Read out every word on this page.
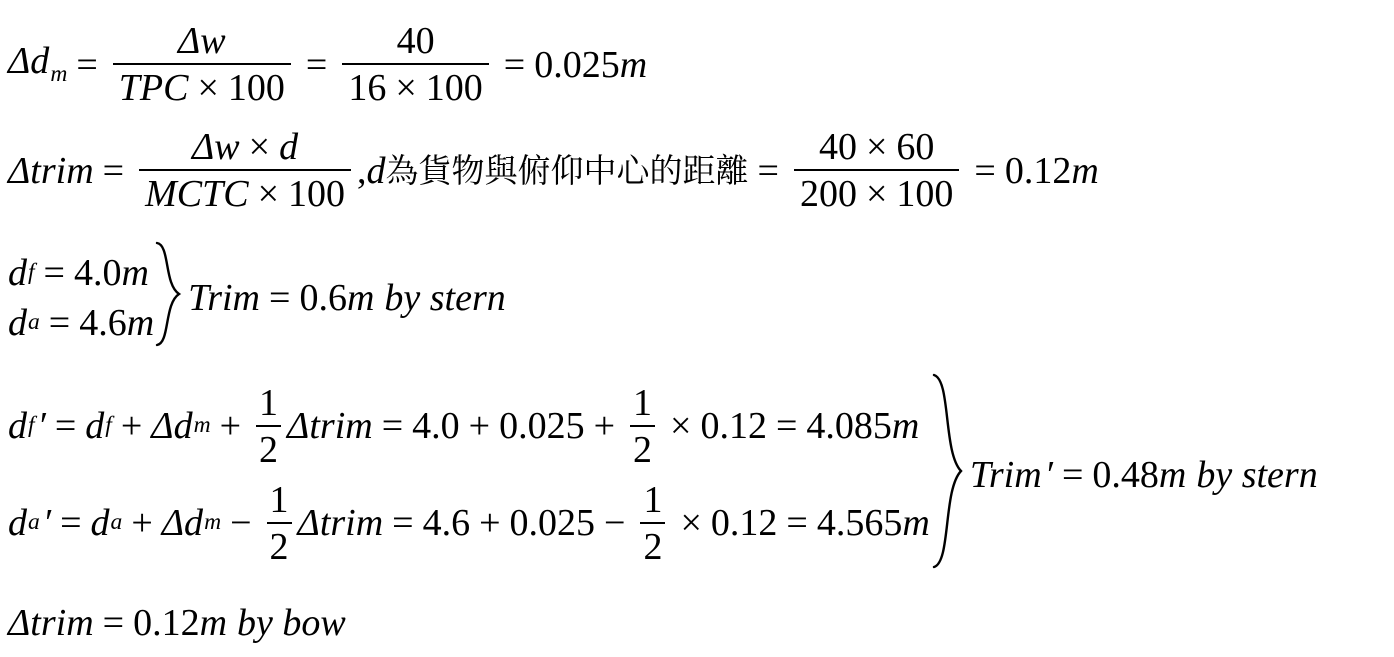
$\Delta d_m = \frac{\Delta w}{\text{TPC × 100}} = \frac{40}{16 \times 100} = 0.025$ m
Δtrim = $\frac{\Delta w \times d}{\text{MCTC × 100}}$ , d 為貨物與俯仰中心的距離 = $\frac{40 \times 60}{200 \times 100} = 0.12$ m
d f = 4.0 m
d a = 4.6 m
Trim = 0.6 m by stern
d f ′ = d f + Δd $m + \frac{1}{2}$ Δtrim = $4.0 + 0.025 + \frac{1}{2} \times 0.12 = 4.085$ m
d a ′ = d a + Δd $m - \frac{1}{2}$ Δtrim = $4.6 + 0.025 - \frac{1}{2} \times 0.12 = 4.565$ m
Trim ′ = 0.48 m by stern
Δtrim = 0.12 m by bow
